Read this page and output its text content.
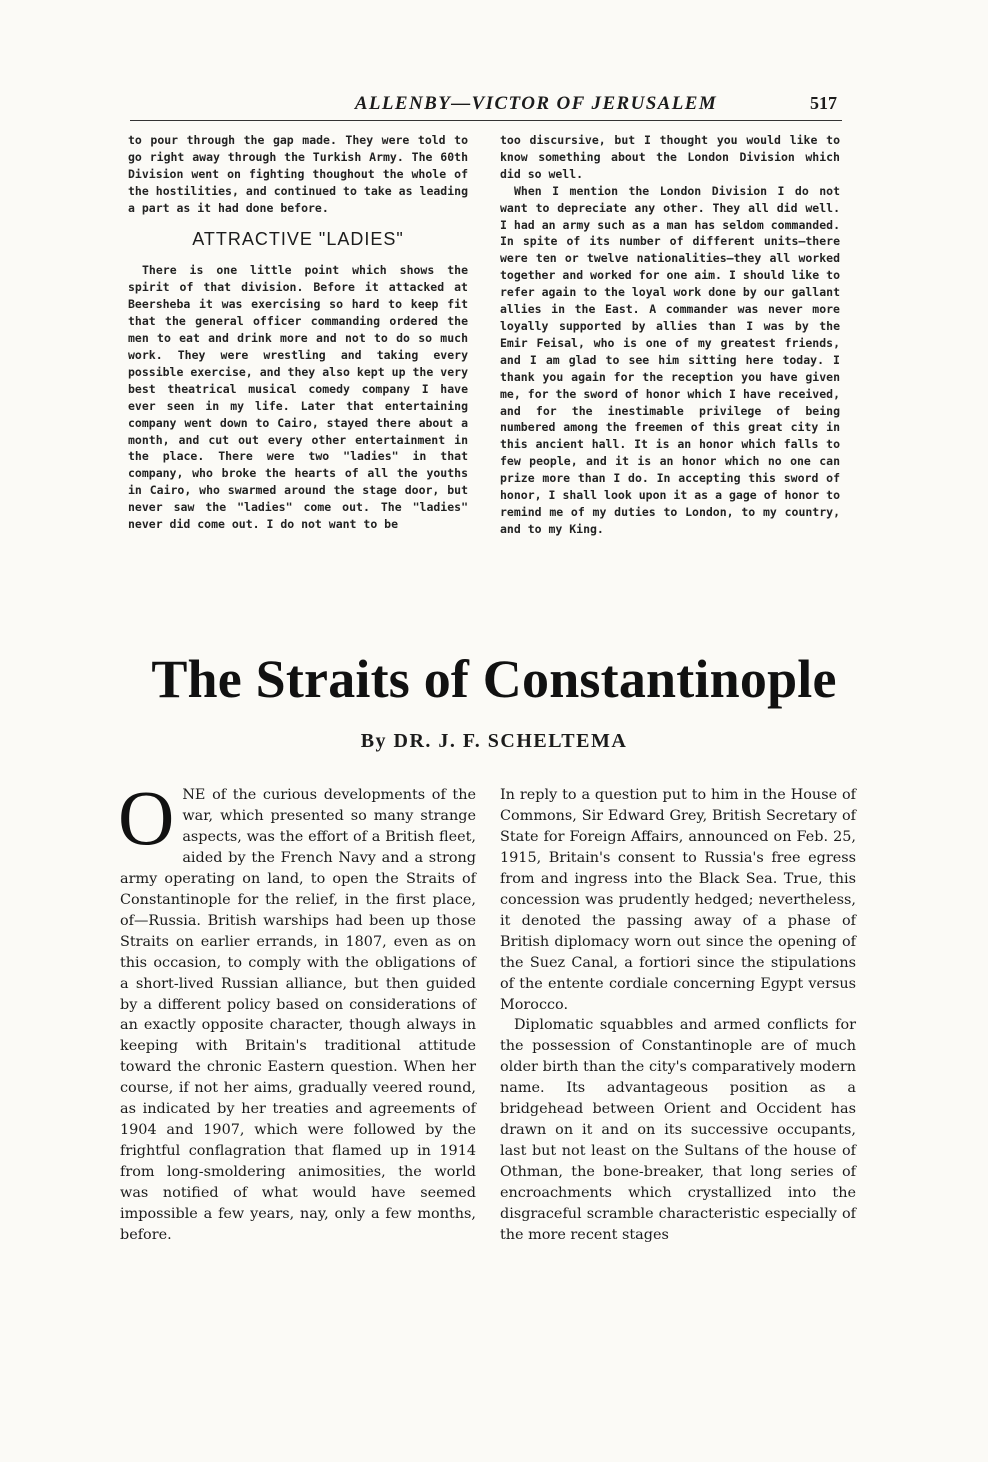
ALLENBY—VICTOR OF JERUSALEM	517

to pour through the gap made. They were told to go right away through the Turkish Army. The 60th Division went on fighting thoughout the whole of the hostilities, and continued to take as leading a part as it had done before.

ATTRACTIVE "LADIES"

There is one little point which shows the spirit of that division. Before it attacked at Beersheba it was exercising so hard to keep fit that the general officer commanding ordered the men to eat and drink more and not to do so much work. They were wrestling and taking every possible exercise, and they also kept up the very best theatrical musical comedy company I have ever seen in my life. Later that entertaining company went down to Cairo, stayed there about a month, and cut out every other entertainment in the place. There were two "ladies" in that company, who broke the hearts of all the youths in Cairo, who swarmed around the stage door, but never saw the "ladies" come out. The "ladies" never did come out. I do not want to be

too discursive, but I thought you would like to know something about the London Division which did so well.

When I mention the London Division I do not want to depreciate any other. They all did well. I had an army such as a man has seldom commanded. In spite of its number of different units—there were ten or twelve nationalities—they all worked together and worked for one aim. I should like to refer again to the loyal work done by our gallant allies in the East. A commander was never more loyally supported by allies than I was by the Emir Feisal, who is one of my greatest friends, and I am glad to see him sitting here today. I thank you again for the reception you have given me, for the sword of honor which I have received, and for the inestimable privilege of being numbered among the freemen of this great city in this ancient hall. It is an honor which falls to few people, and it is an honor which no one can prize more than I do. In accepting this sword of honor, I shall look upon it as a gage of honor to remind me of my duties to London, to my country, and to my King.

The Straits of Constantinople
By DR. J. F. SCHELTEMA

ONE of the curious developments of the war, which presented so many strange aspects, was the effort of a British fleet, aided by the French Navy and a strong army operating on land, to open the Straits of Constantinople for the relief, in the first place, of—Russia. British warships had been up those Straits on earlier errands, in 1807, even as on this occasion, to comply with the obligations of a short-lived Russian alliance, but then guided by a different policy based on considerations of an exactly opposite character, though always in keeping with Britain's traditional attitude toward the chronic Eastern question. When her course, if not her aims, gradually veered round, as indicated by her treaties and agreements of 1904 and 1907, which were followed by the frightful conflagration that flamed up in 1914 from long-smoldering animosities, the world was notified of what would have seemed impossible a few years, nay, only a few months, before.

In reply to a question put to him in the House of Commons, Sir Edward Grey, British Secretary of State for Foreign Affairs, announced on Feb. 25, 1915, Britain's consent to Russia's free egress from and ingress into the Black Sea. True, this concession was prudently hedged; nevertheless, it denoted the passing away of a phase of British diplomacy worn out since the opening of the Suez Canal, a fortiori since the stipulations of the entente cordiale concerning Egypt versus Morocco.

Diplomatic squabbles and armed conflicts for the possession of Constantinople are of much older birth than the city's comparatively modern name. Its advantageous position as a bridgehead between Orient and Occident has drawn on it and on its successive occupants, last but not least on the Sultans of the house of Othman, the bone-breaker, that long series of encroachments which crystallized into the disgraceful scramble characteristic especially of the more recent stages
